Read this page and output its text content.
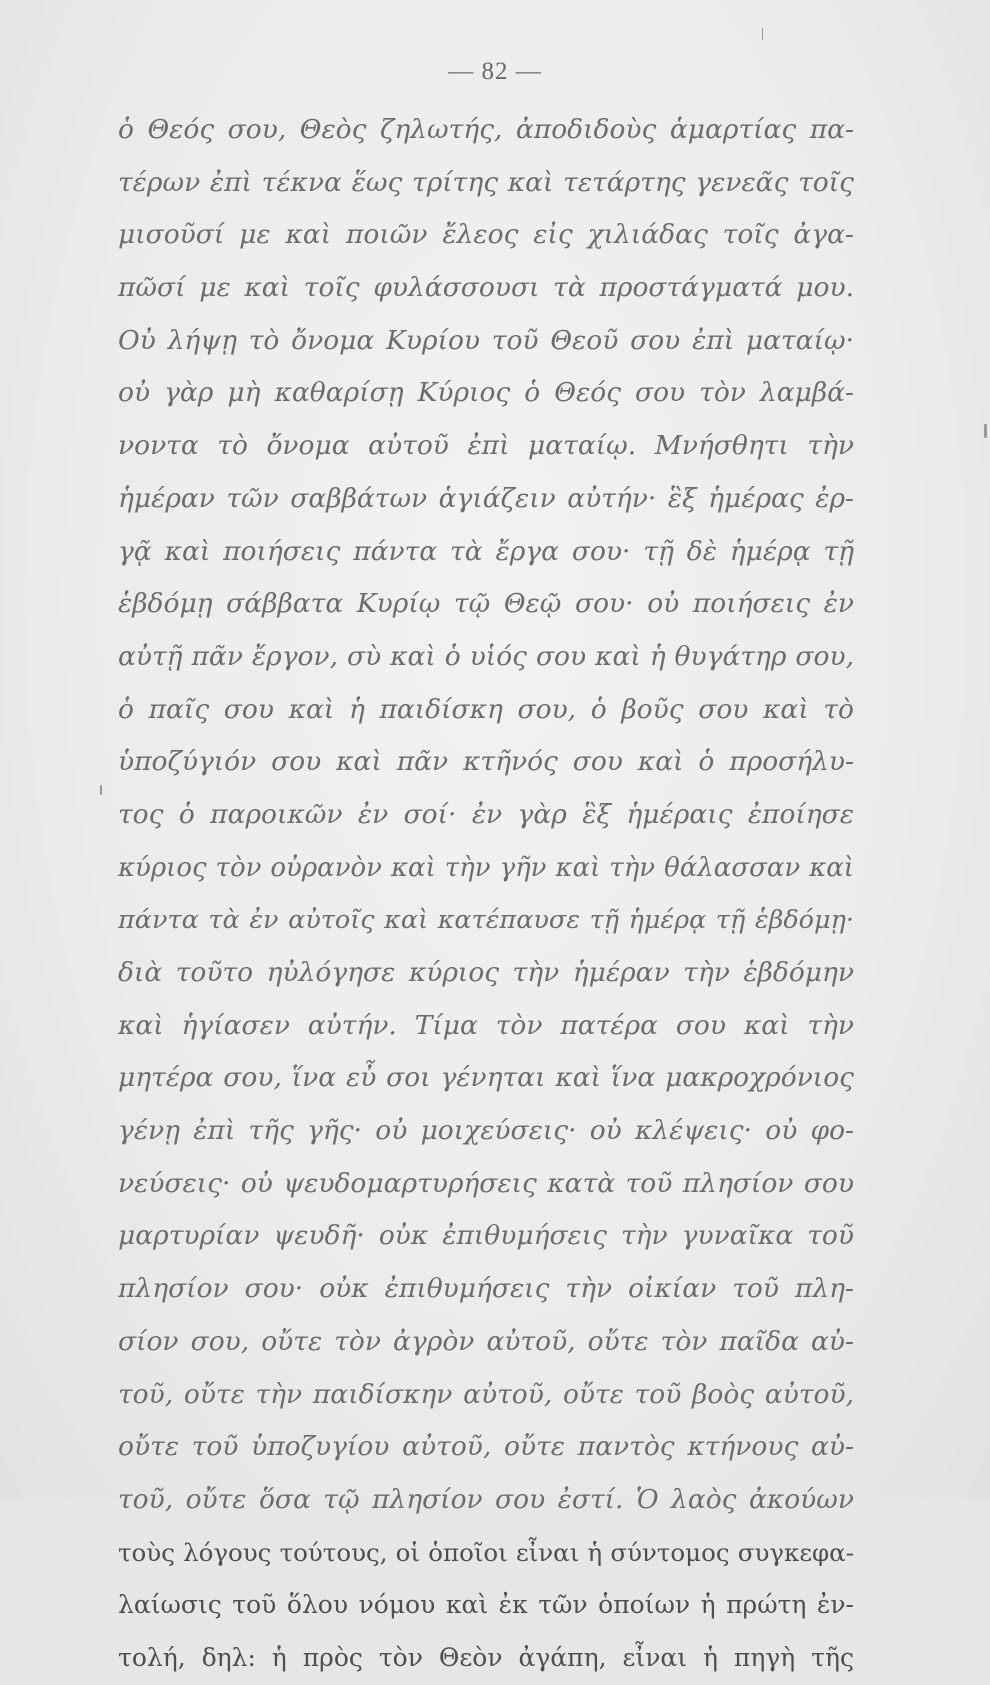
— 82 —
ὁ Θεός σου, Θεὸς ζηλωτής, ἀποδιδοὺς ἁμαρτίας πα-
τέρων ἐπὶ τέκνα ἕως τρίτης καὶ τετάρτης γενεᾶς τοῖς
μισοῦσί με καὶ ποιῶν ἔλεος εἰς χιλιάδας τοῖς ἀγα-
πῶσί με καὶ τοῖς φυλάσσουσι τὰ προστάγματά μου.
Οὐ λήψῃ τὸ ὄνομα Κυρίου τοῦ Θεοῦ σου ἐπὶ ματαίῳ·
οὐ γὰρ μὴ καθαρίσῃ Κύριος ὁ Θεός σου τὸν λαμβά-
νοντα τὸ ὄνομα αὐτοῦ ἐπὶ ματαίῳ. Μνήσθητι τὴν
ἡμέραν τῶν σαββάτων ἁγιάζειν αὐτήν· ἓξ ἡμέρας ἐρ-
γᾷ καὶ ποιήσεις πάντα τὰ ἔργα σου· τῇ δὲ ἡμέρᾳ τῇ
ἑβδόμῃ σάββατα Κυρίῳ τῷ Θεῷ σου· οὐ ποιήσεις ἐν
αὐτῇ πᾶν ἔργον, σὺ καὶ ὁ υἱός σου καὶ ἡ θυγάτηρ σου,
ὁ παῖς σου καὶ ἡ παιδίσκη σου, ὁ βοῦς σου καὶ τὸ
ὑποζύγιόν σου καὶ πᾶν κτῆνός σου καὶ ὁ προσήλυ-
τος ὁ παροικῶν ἐν σοί· ἐν γὰρ ἓξ ἡμέραις ἐποίησε
κύριος τὸν οὐρανὸν καὶ τὴν γῆν καὶ τὴν θάλασσαν καὶ
πάντα τὰ ἐν αὐτοῖς καὶ κατέπαυσε τῇ ἡμέρᾳ τῇ ἑβδόμῃ·
διὰ τοῦτο ηὐλόγησε κύριος τὴν ἡμέραν τὴν ἑβδόμην
καὶ ἡγίασεν αὐτήν. Τίμα τὸν πατέρα σου καὶ τὴν
μητέρα σου, ἵνα εὖ σοι γένηται καὶ ἵνα μακροχρόνιος
γένῃ ἐπὶ τῆς γῆς· οὐ μοιχεύσεις· οὐ κλέψεις· οὐ φο-
νεύσεις· οὐ ψευδομαρτυρήσεις κατὰ τοῦ πλησίον σου
μαρτυρίαν ψευδῆ· οὐκ ἐπιθυμήσεις τὴν γυναῖκα τοῦ
πλησίον σου· οὐκ ἐπιθυμήσεις τὴν οἰκίαν τοῦ πλη-
σίον σου, οὔτε τὸν ἀγρὸν αὐτοῦ, οὔτε τὸν παῖδα αὐ-
τοῦ, οὔτε τὴν παιδίσκην αὐτοῦ, οὔτε τοῦ βοὸς αὐτοῦ,
οὔτε τοῦ ὑποζυγίου αὐτοῦ, οὔτε παντὸς κτήνους αὐ-
τοῦ, οὔτε ὅσα τῷ πλησίον σου ἐστί. Ὁ λαὸς ἀκούων
τοὺς λόγους τούτους, οἱ ὁποῖοι εἶναι ἡ σύντομος συγκεφα-
λαίωσις τοῦ ὅλου νόμου καὶ ἐκ τῶν ὁποίων ἡ πρώτη ἐν-
τολή, δηλ: ἡ πρὸς τὸν Θεὸν ἀγάπη, εἶναι ἡ πηγὴ τῆς
